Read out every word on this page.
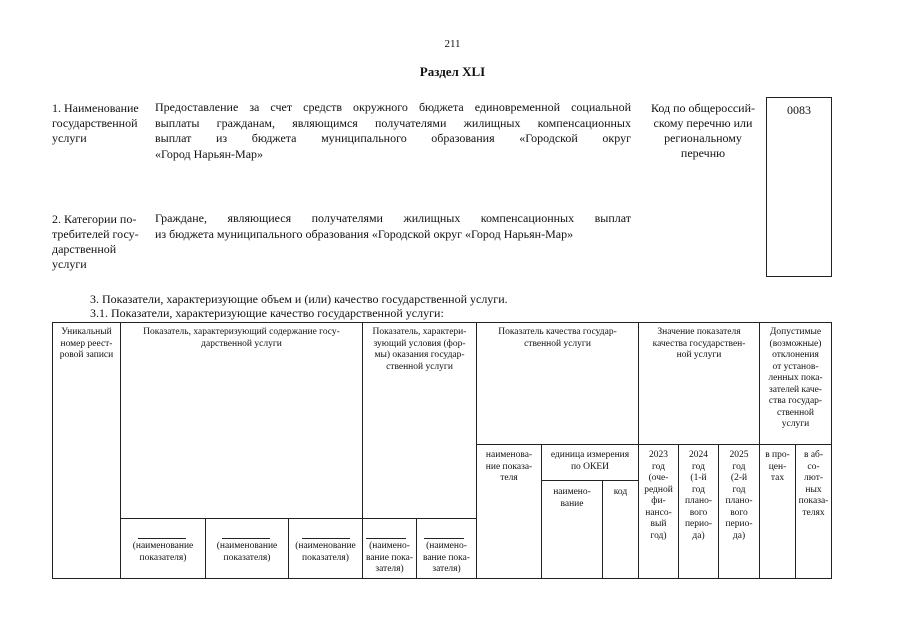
211
Раздел XLI
1. Наименование
государственной
услуги
Предоставление за счет средств окружного бюджета единовременной социальной
выплаты гражданам, являющимся получателями жилищных компенсационных
выплат из бюджета муниципального образования «Городской округ
«Город Нарьян-Мар»
Код по общероссий-
скому перечню или
региональному
перечню
0083
2. Категории по-
требителей госу-
дарственной
услуги
Граждане, являющиеся получателями жилищных компенсационных выплат
из бюджета муниципального образования «Городской округ «Город Нарьян-Мар»
3. Показатели, характеризующие объем и (или) качество государственной услуги.
3.1. Показатели, характеризующие качество государственной услуги:
Уникальный
номер реест-
ровой записи
Показатель, характеризующий содержание госу-
дарственной услуги
Показатель, характери-
зующий условия (фор-
мы) оказания государ-
ственной услуги
Показатель качества государ-
ственной услуги
Значение показателя
качества государствен-
ной услуги
Допустимые
(возможные)
отклонения
от установ-
ленных пока-
зателей каче-
ства государ-
ственной
услуги
наименова-
ние показа-
теля
единица измерения
по ОКЕИ
наимено-
вание
код
2023
год
(оче-
редной
фи-
нансо-
вый
год)
2024
год
(1-й
год
плано-
вого
перио-
да)
2025
год
(2-й
год
плано-
вого
перио-
да)
в про-
цен-
тах
в аб-
со-
лют-
ных
показа-
телях
(наименование
показателя)
(наименование
показателя)
(наименование
показателя)
(наимено-
вание пока-
зателя)
(наимено-
вание пока-
зателя)
